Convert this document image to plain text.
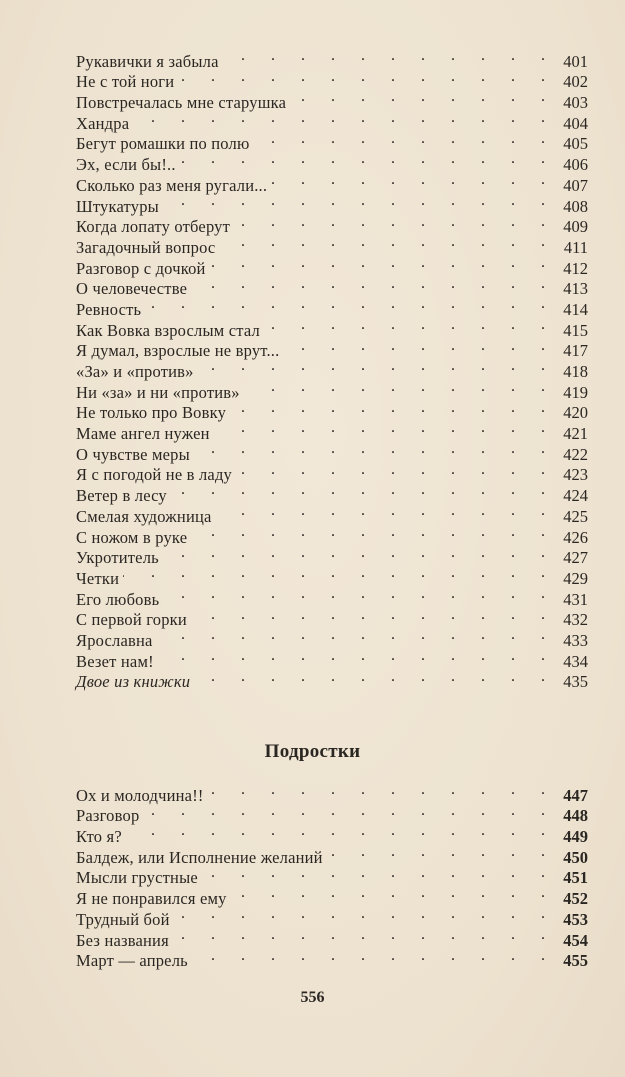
Рукавички я забыла . . .	401
Не с той ноги . . .	402
Повстречалась мне старушка . . .	403
Хандра . . .	404
Бегут ромашки по полю . . .	405
Эх, если бы!.. . . .	406
Сколько раз меня ругали... . . .	407
Штукатуры . . .	408
Когда лопату отберут . . .	409
Загадочный вопрос . . .	411
Разговор с дочкой . . .	412
О человечестве . . .	413
Ревность . . .	414
Как Вовка взрослым стал . . .	415
Я думал, взрослые не врут... . . .	417
«За» и «против» . . .	418
Ни «за» и ни «против» . . .	419
Не только про Вовку . . .	420
Маме ангел нужен . . .	421
О чувстве меры . . .	422
Я с погодой не в ладу . . .	423
Ветер в лесу . . .	424
Смелая художница . . .	425
С ножом в руке . . .	426
Укротитель . . .	427
Четки . . .	429
Его любовь . . .	431
С первой горки . . .	432
Ярославна . . .	433
Везет нам! . . .	434
Двое из книжки . . .	435
Подростки
Ох и молодчина!! . . .	447
Разговор . . .	448
Кто я? . . .	449
Балдеж, или Исполнение желаний . . .	450
Мысли грустные . . .	451
Я не понравился ему . . .	452
Трудный бой . . .	453
Без названия . . .	454
Март — апрель . . .	455
556
